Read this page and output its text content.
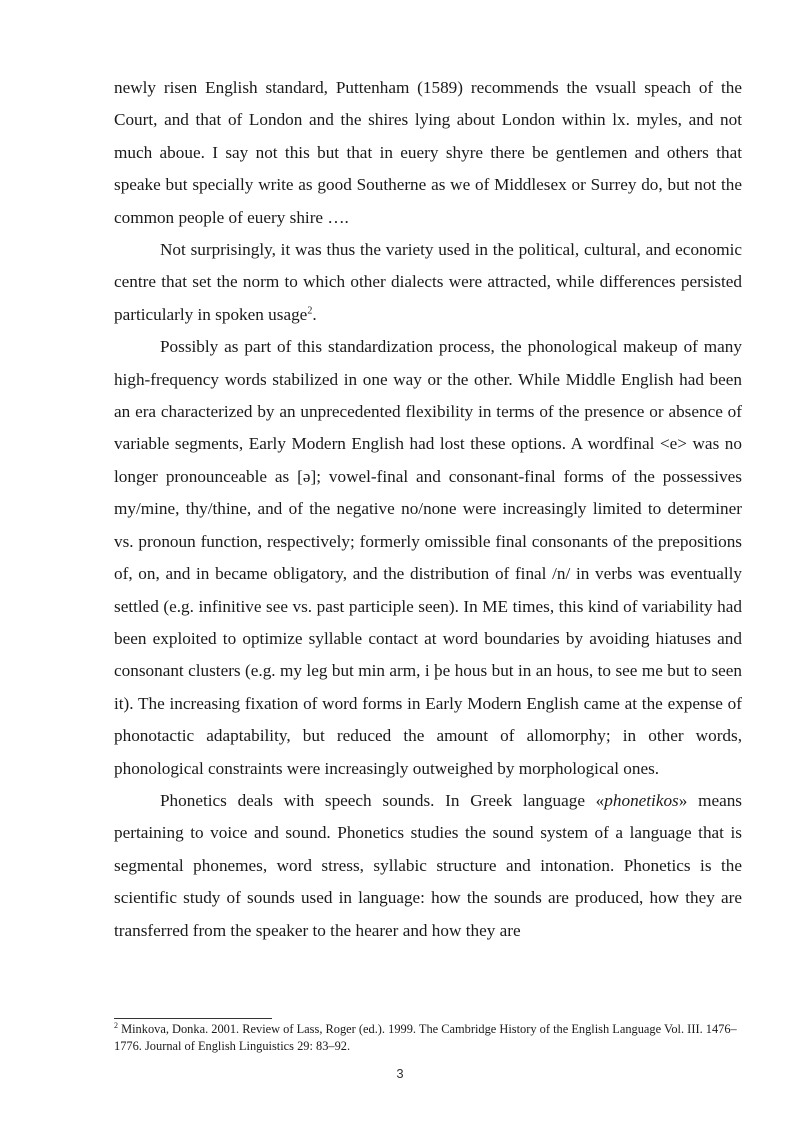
newly risen English standard, Puttenham (1589) recommends the vsuall speach of the Court, and that of London and the shires lying about London within lx. myles, and not much aboue. I say not this but that in euery shyre there be gentlemen and others that speake but specially write as good Southerne as we of Middlesex or Surrey do, but not the common people of euery shire ….

Not surprisingly, it was thus the variety used in the political, cultural, and economic centre that set the norm to which other dialects were attracted, while differences persisted particularly in spoken usage$^2$.

Possibly as part of this standardization process, the phonological makeup of many high-frequency words stabilized in one way or the other. While Middle English had been an era characterized by an unprecedented flexibility in terms of the presence or absence of variable segments, Early Modern English had lost these options. A wordfinal <e> was no longer pronounceable as [ə]; vowel-final and consonant-final forms of the possessives my/mine, thy/thine, and of the negative no/none were increasingly limited to determiner vs. pronoun function, respectively; formerly omissible final consonants of the prepositions of, on, and in became obligatory, and the distribution of final /n/ in verbs was eventually settled (e.g. infinitive see vs. past participle seen). In ME times, this kind of variability had been exploited to optimize syllable contact at word boundaries by avoiding hiatuses and consonant clusters (e.g. my leg but min arm, i þe hous but in an hous, to see me but to seen it). The increasing fixation of word forms in Early Modern English came at the expense of phonotactic adaptability, but reduced the amount of allomorphy; in other words, phonological constraints were increasingly outweighed by morphological ones.

Phonetics deals with speech sounds. In Greek language «phonetikos» means pertaining to voice and sound. Phonetics studies the sound system of a language that is segmental phonemes, word stress, syllabic structure and intonation. Phonetics is the scientific study of sounds used in language: how the sounds are produced, how they are transferred from the speaker to the hearer and how they are

$^2$ Minkova, Donka. 2001. Review of Lass, Roger (ed.). 1999. The Cambridge History of the English Language Vol. III. 1476–1776. Journal of English Linguistics 29: 83–92.

3
